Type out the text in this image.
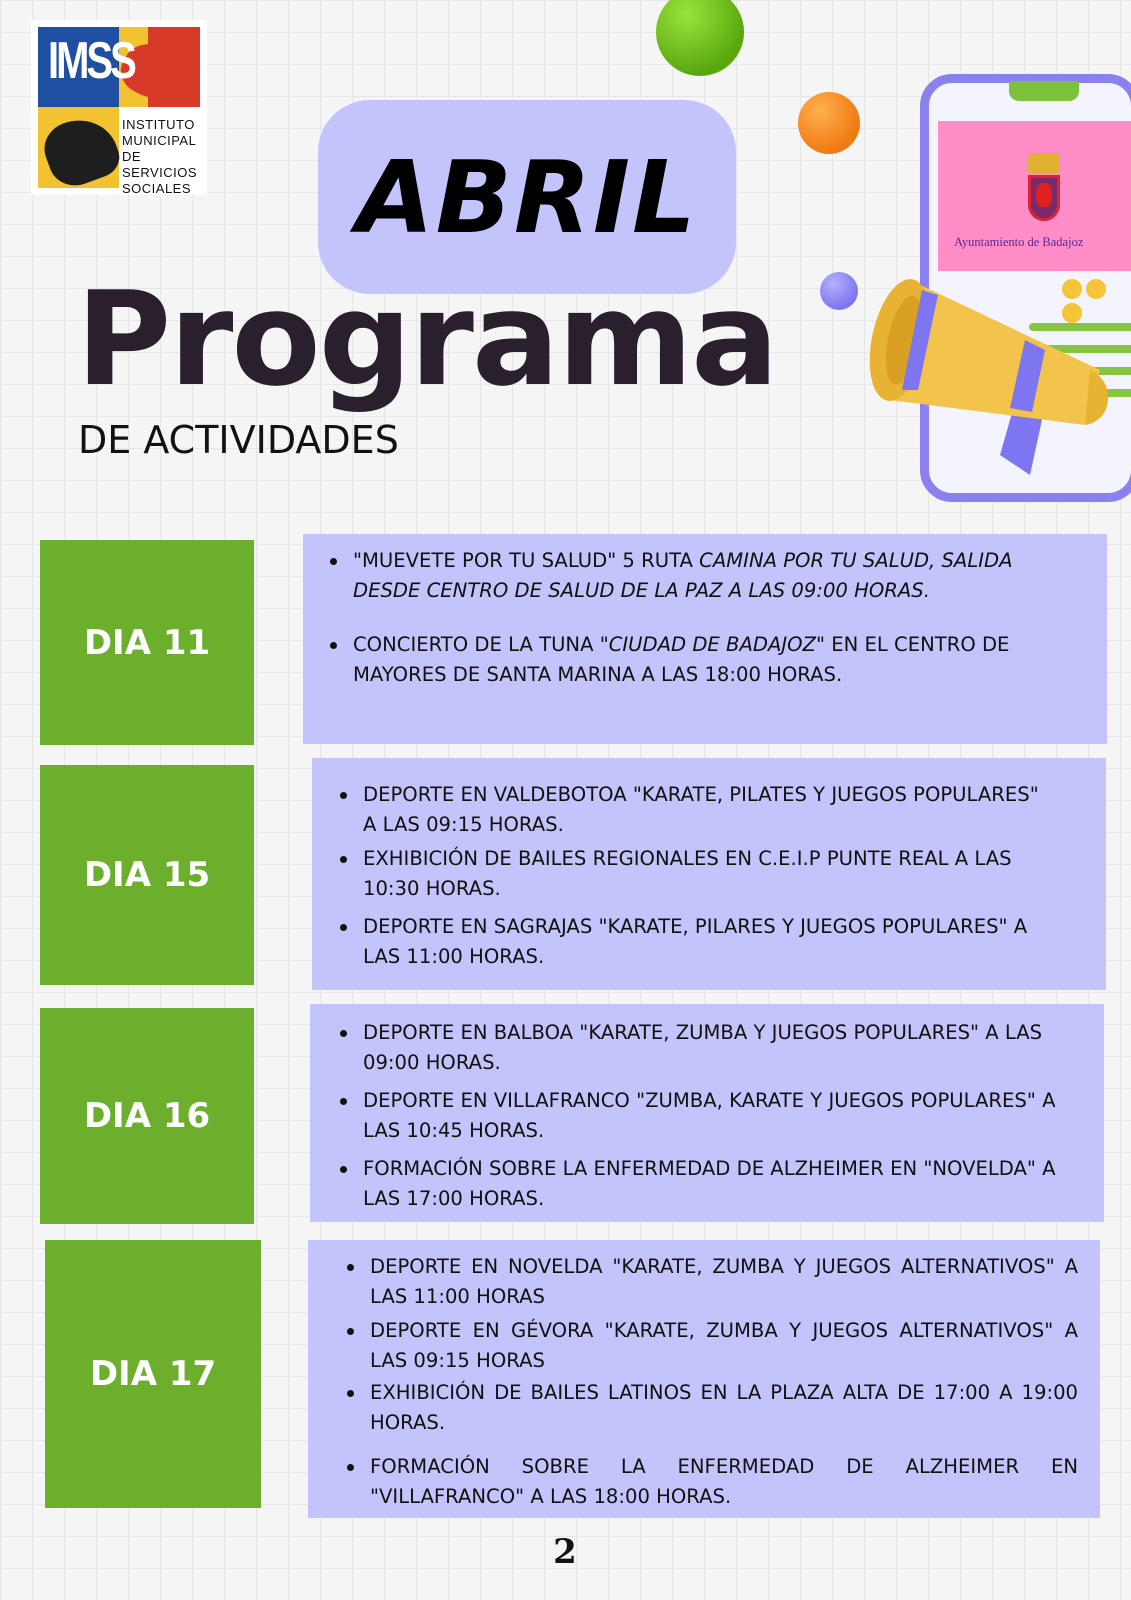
IMSS
INSTITUTO
MUNICIPAL
DE SERVICIOS
SOCIALES ABRIL
Programa
DE ACTIVIDADES
Ayuntamiento de Badajoz
DIA 11
"MUEVETE POR TU SALUD" 5 RUTA CAMINA POR TU SALUD, SALIDA DESDE CENTRO DE SALUD DE LA PAZ A LAS 09:00 HORAS.
CONCIERTO DE LA TUNA "CIUDAD DE BADAJOZ" EN EL CENTRO DE MAYORES DE SANTA MARINA A LAS 18:00 HORAS.
DIA 15
DEPORTE EN VALDEBOTOA "KARATE, PILATES Y JUEGOS POPULARES" A LAS 09:15 HORAS.
EXHIBICIÓN DE BAILES REGIONALES EN C.E.I.P PUNTE REAL A LAS 10:30 HORAS.
DEPORTE EN SAGRAJAS "KARATE, PILARES Y JUEGOS POPULARES" A LAS 11:00 HORAS.
DIA 16
DEPORTE EN BALBOA "KARATE, ZUMBA Y JUEGOS POPULARES" A LAS 09:00 HORAS.
DEPORTE EN VILLAFRANCO "ZUMBA, KARATE Y JUEGOS POPULARES" A LAS 10:45 HORAS.
FORMACIÓN SOBRE LA ENFERMEDAD DE ALZHEIMER EN "NOVELDA" A LAS 17:00 HORAS.
DIA 17
DEPORTE EN NOVELDA "KARATE, ZUMBA Y JUEGOS ALTERNATIVOS" A LAS 11:00 HORAS
DEPORTE EN GÉVORA "KARATE, ZUMBA Y JUEGOS ALTERNATIVOS" A LAS 09:15 HORAS
EXHIBICIÓN DE BAILES LATINOS EN LA PLAZA ALTA DE 17:00 A 19:00 HORAS.
FORMACIÓN SOBRE LA ENFERMEDAD DE ALZHEIMER EN "VILLAFRANCO" A LAS 18:00 HORAS.
2
